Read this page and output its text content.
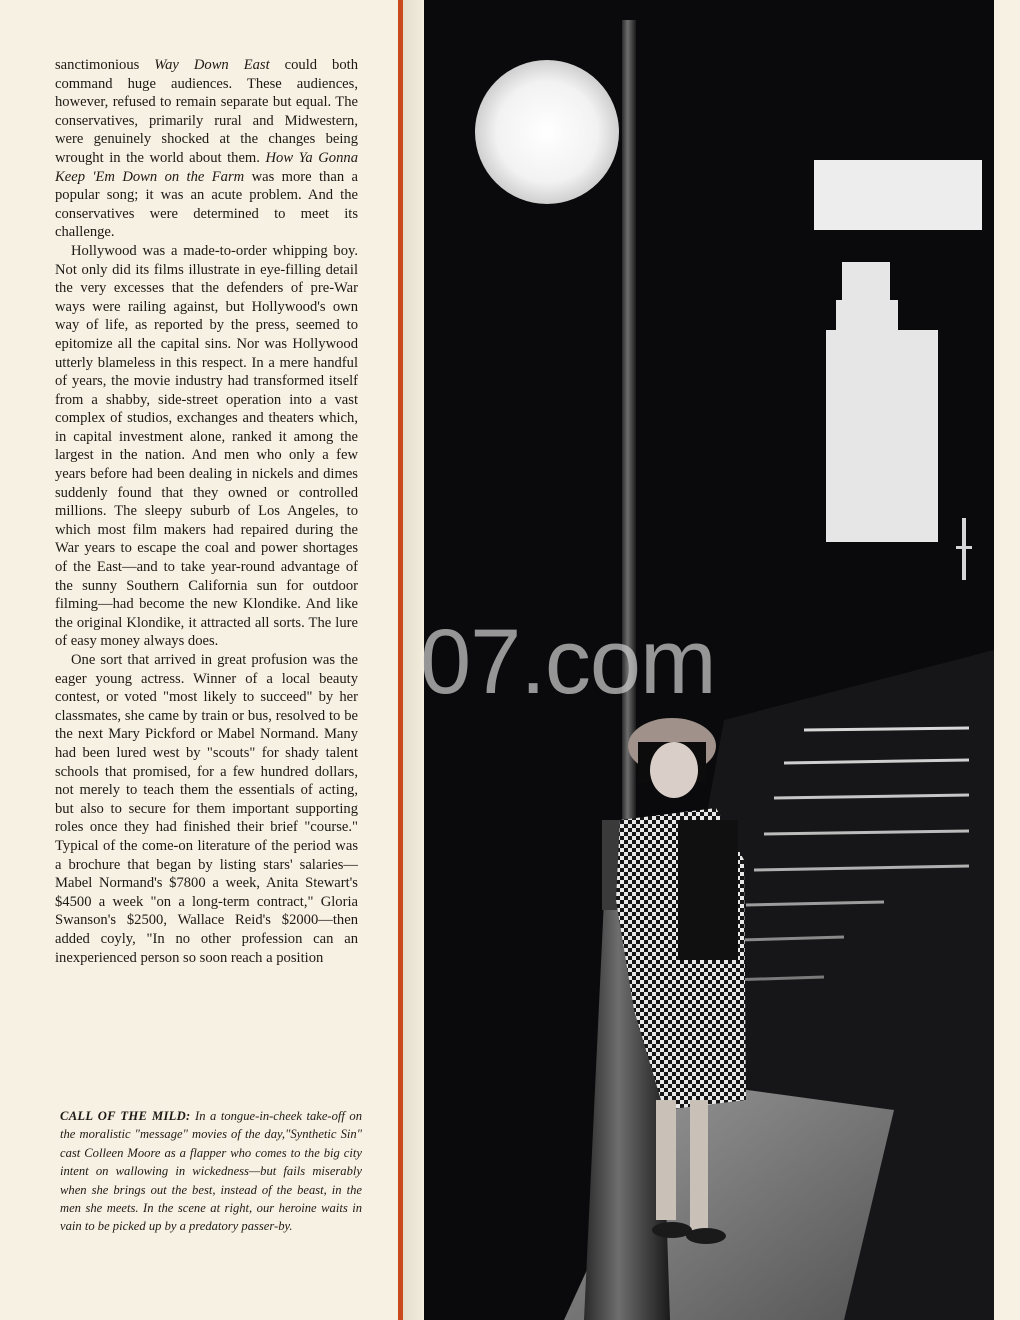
sanctimonious Way Down East could both command huge audiences. These audiences, however, refused to remain separate but equal. The conservatives, primarily rural and Midwestern, were genuinely shocked at the changes being wrought in the world about them. How Ya Gonna Keep 'Em Down on the Farm was more than a popular song; it was an acute problem. And the conservatives were determined to meet its challenge.

Hollywood was a made-to-order whipping boy. Not only did its films illustrate in eye-filling detail the very excesses that the defenders of pre-War ways were railing against, but Hollywood's own way of life, as reported by the press, seemed to epitomize all the capital sins. Nor was Hollywood utterly blameless in this respect. In a mere handful of years, the movie industry had transformed itself from a shabby, side-street operation into a vast complex of studios, exchanges and theaters which, in capital investment alone, ranked it among the largest in the nation. And men who only a few years before had been dealing in nickels and dimes suddenly found that they owned or controlled millions. The sleepy suburb of Los Angeles, to which most film makers had repaired during the War years to escape the coal and power shortages of the East—and to take year-round advantage of the sunny Southern California sun for outdoor filming—had become the new Klondike. And like the original Klondike, it attracted all sorts. The lure of easy money always does.

One sort that arrived in great profusion was the eager young actress. Winner of a local beauty contest, or voted "most likely to succeed" by her classmates, she came by train or bus, resolved to be the next Mary Pickford or Mabel Normand. Many had been lured west by "scouts" for shady talent schools that promised, for a few hundred dollars, not merely to teach them the essentials of acting, but also to secure for them important supporting roles once they had finished their brief "course." Typical of the come-on literature of the period was a brochure that began by listing stars' salaries—Mabel Normand's $7800 a week, Anita Stewart's $4500 a week "on a long-term contract," Gloria Swanson's $2500, Wallace Reid's $2000—then added coyly, "In no other profession can an inexperienced person so soon reach a position

CALL OF THE MILD: In a tongue-in-cheek take-off on the moralistic "message" movies of the day,"Synthetic Sin" cast Colleen Moore as a flapper who comes to the big city intent on wallowing in wickedness—but fails miserably when she brings out the best, instead of the beast, in the men she meets. In the scene at right, our heroine waits in vain to be picked up by a predatory passer-by.
07.com
